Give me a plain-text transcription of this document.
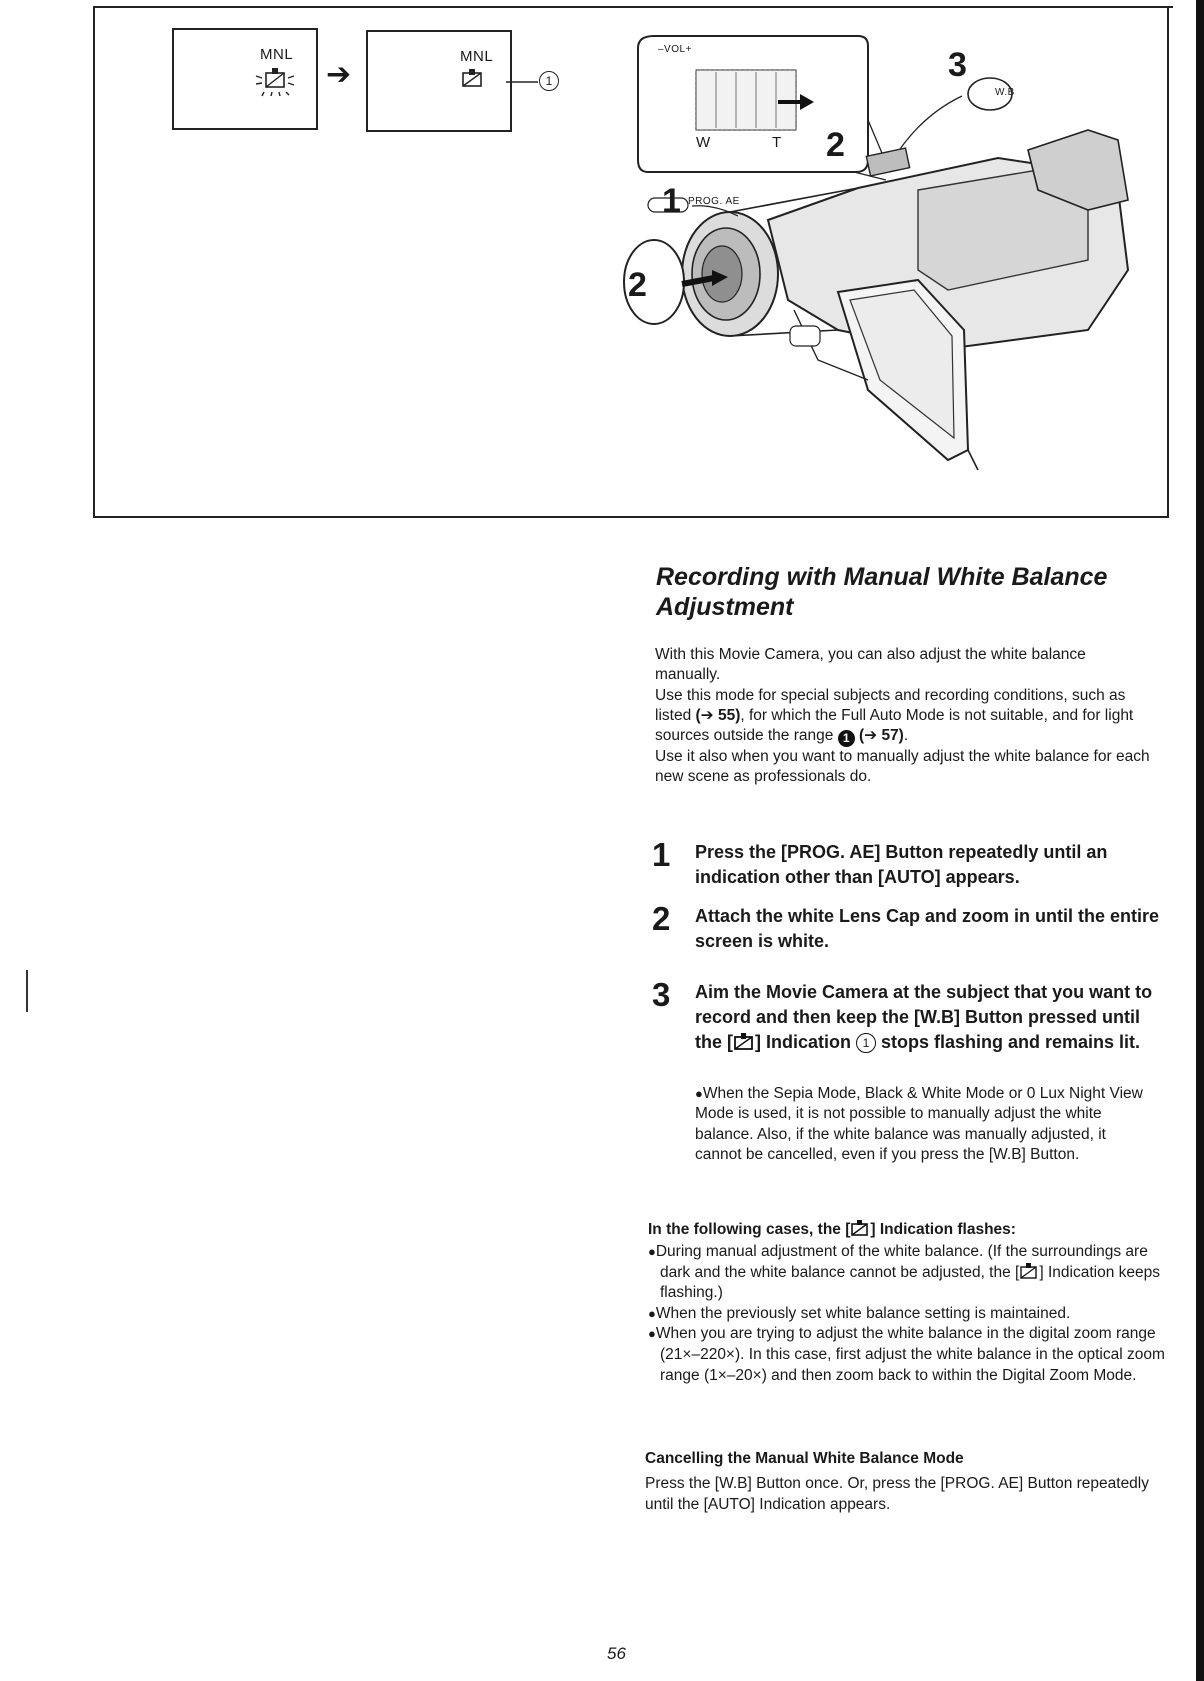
MNL
➔
MNL
1
–VOL+
W	T 2
3
W.B
1 PROG. AE
2
Recording with Manual White Balance Adjustment

With this Movie Camera, you can also adjust the white balance manually.

Use this mode for special subjects and recording conditions, such as listed (➔ 55), for which the Full Auto Mode is not suitable, and for light sources outside the range 1 (➔ 57).

Use it also when you want to manually adjust the white balance for each new scene as professionals do.

1 Press the [PROG. AE] Button repeatedly until an indication other than [AUTO] appears.
2 Attach the white Lens Cap and zoom in until the entire screen is white.
3 Aim the Movie Camera at the subject that you want to record and then keep the [W.B] Button pressed until the [ ] Indication 1 stops flashing and remains lit.
●When the Sepia Mode, Black & White Mode or 0 Lux Night View Mode is used, it is not possible to manually adjust the white balance. Also, if the white balance was manually adjusted, it cannot be cancelled, even if you press the [W.B] Button.
In the following cases, the [ ] Indication flashes:

●During manual adjustment of the white balance. (If the surroundings are dark and the white balance cannot be adjusted, the [ ] Indication keeps flashing.)

●When the previously set white balance setting is maintained.

●When you are trying to adjust the white balance in the digital zoom range (21×–220×). In this case, first adjust the white balance in the optical zoom range (1×–20×) and then zoom back to within the Digital Zoom Mode.

Cancelling the Manual White Balance Mode
Press the [W.B] Button once. Or, press the [PROG. AE] Button repeatedly until the [AUTO] Indication appears.
56
